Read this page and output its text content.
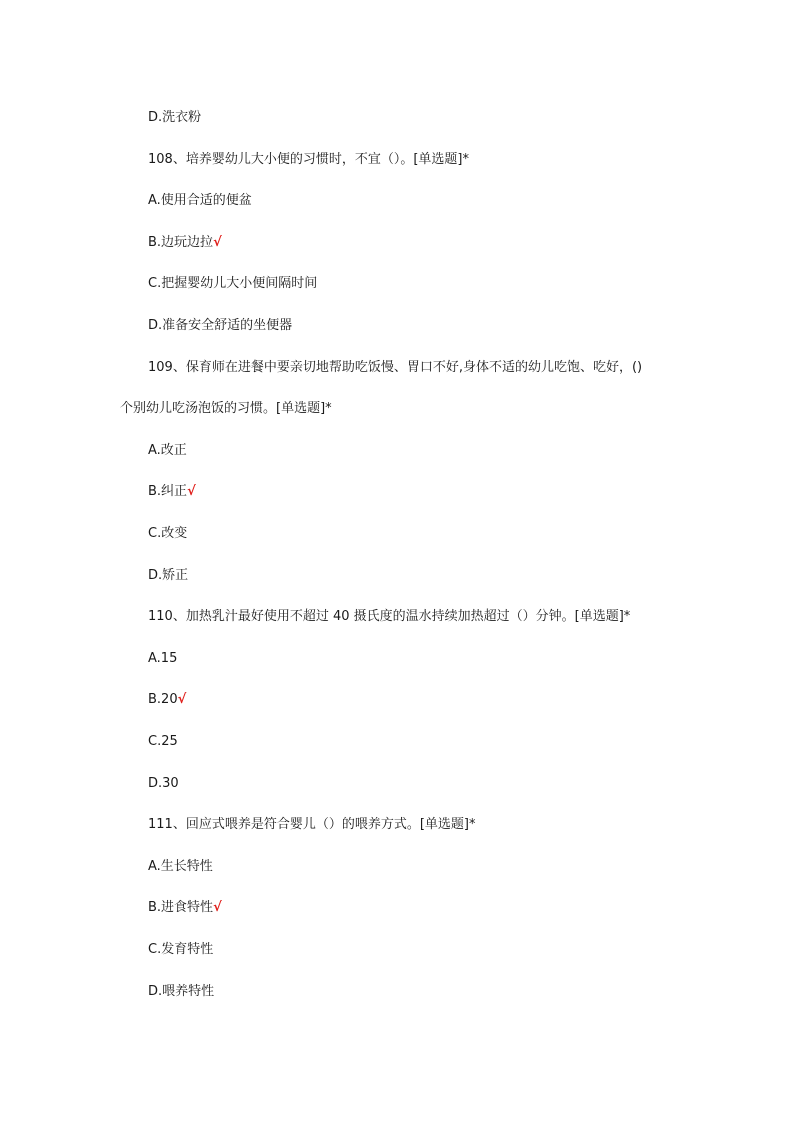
D.洗衣粉
108、培养婴幼儿大小便的习惯时，不宜（）。[单选题]*
A.使用合适的便盆
B.边玩边拉√
C.把握婴幼儿大小便间隔时间
D.准备安全舒适的坐便器
109、保育师在进餐中要亲切地帮助吃饭慢、胃口不好,身体不适的幼儿吃饱、吃好，()
个别幼儿吃汤泡饭的习惯。[单选题]*
A.改正
B.纠正√
C.改变
D.矫正
110、加热乳汁最好使用不超过 40 摄氏度的温水持续加热超过（）分钟。[单选题]*
A.15
B.20√
C.25
D.30
111、回应式喂养是符合婴儿（）的喂养方式。[单选题]*
A.生长特性
B.进食特性√
C.发育特性
D.喂养特性
